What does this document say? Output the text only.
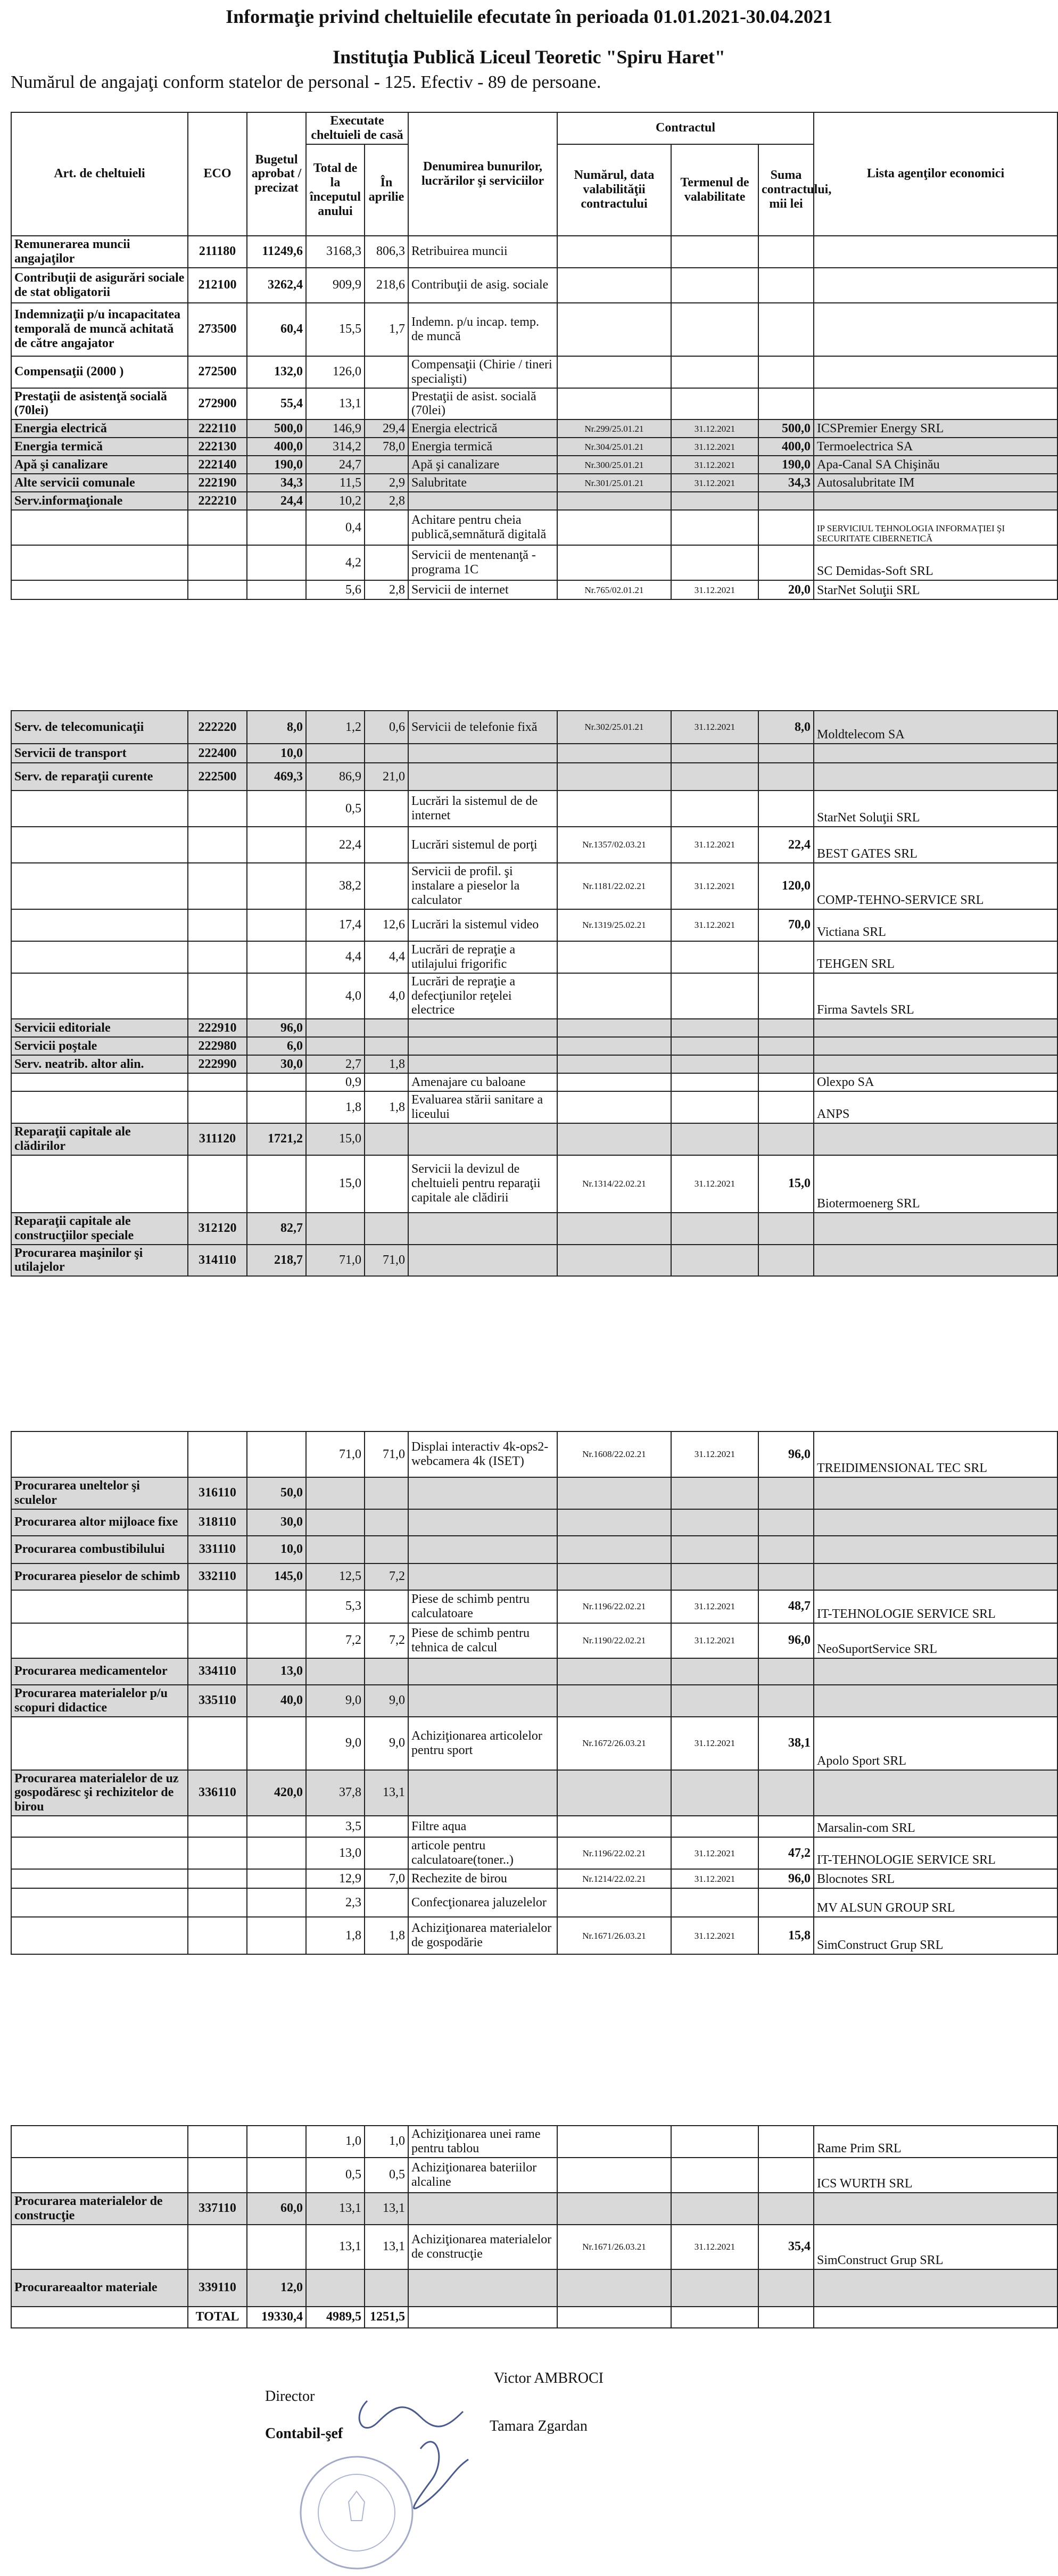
Informaţie privind cheltuielile efecutate în perioada 01.01.2021-30.04.2021
Instituţia Publică Liceul Teoretic "Spiru Haret"
Numărul de angajaţi conform statelor de personal - 125. Efectiv - 89 de persoane.
Art. de cheltuieli	ECO	Bugetul aprobat / precizat	Executate cheltuieli de casă		Denumirea bunurilor, lucrărilor şi serviciilor	Contractul			Lista agenţilor economici
			Total de la începutul anului	În aprilie		Numărul, data valabilităţii contractului	Termenul de valabilitate	Suma contractului, mii lei	

Remunerarea muncii angajaţilor	211180	11249,6	3168,3	806,3	Retribuirea muncii				
Contribuţii de asigurări sociale de stat obligatorii	212100	3262,4	909,9	218,6	Contribuţii de asig. sociale				
Indemnizaţii p/u incapacitatea temporală de muncă achitată de către angajator	273500	60,4	15,5	1,7	Indemn. p/u incap. temp. de muncă				
Compensaţii (2000 )	272500	132,0	126,0		Compensaţii (Chirie / tineri specialişti)				
Prestaţii de asistenţă socială (70lei)	272900	55,4	13,1		Prestaţii de asist. socială (70lei)				
Energia electrică	222110	500,0	146,9	29,4	Energia electrică	Nr.299/25.01.21	31.12.2021	500,0	ICSPremier Energy SRL
Energia termică	222130	400,0	314,2	78,0	Energia termică	Nr.304/25.01.21	31.12.2021	400,0	Termoelectrica SA
Apă şi canalizare	222140	190,0	24,7		Apă şi canalizare	Nr.300/25.01.21	31.12.2021	190,0	Apa-Canal SA Chişinău
Alte servicii comunale	222190	34,3	11,5	2,9	Salubritate	Nr.301/25.01.21	31.12.2021	34,3	Autosalubritate IM
Serv.informaţionale	222210	24,4	10,2	2,8					
			0,4		Achitare pentru cheia publică,semnătură digitală				IP SERVICIUL TEHNOLOGIA INFORMAŢIEI ŞI SECURITATE CIBERNETICĂ
			4,2		Servicii de mentenanţă - programa 1C				SC Demidas-Soft SRL
			5,6	2,8	Servicii de internet	Nr.765/02.01.21	31.12.2021	20,0	StarNet Soluţii SRL
Serv. de telecomunicaţii	222220	8,0	1,2	0,6	Servicii de telefonie fixă	Nr.302/25.01.21	31.12.2021	8,0	Moldtelecom SA
Servicii de transport	222400	10,0							
Serv. de reparaţii curente	222500	469,3	86,9	21,0					
			0,5		Lucrări la sistemul de de internet				StarNet Soluţii SRL
			22,4		Lucrări sistemul de porţi	Nr.1357/02.03.21	31.12.2021	22,4	BEST GATES SRL
			38,2		Servicii de profil. şi instalare a pieselor la calculator	Nr.1181/22.02.21	31.12.2021	120,0	COMP-TEHNO-SERVICE SRL
			17,4	12,6	Lucrări la sistemul video	Nr.1319/25.02.21	31.12.2021	70,0	Victiana SRL
			4,4	4,4	Lucrări de repraţie a utilajului frigorific				TEHGEN SRL
			4,0	4,0	Lucrări de repraţie a defecţiunilor reţelei electrice				Firma Savtels SRL
Servicii editoriale	222910	96,0							
Servicii poştale	222980	6,0							
Serv. neatrib. altor alin.	222990	30,0	2,7	1,8					
			0,9		Amenajare cu baloane				Olexpo SA
			1,8	1,8	Evaluarea stării sanitare a liceului				ANPS
Reparaţii capitale ale clădirilor	311120	1721,2	15,0						
			15,0		Servicii la devizul de cheltuieli pentru reparaţii capitale ale clădirii	Nr.1314/22.02.21	31.12.2021	15,0	Biotermoenerg SRL
Reparaţii capitale ale construcţiilor speciale	312120	82,7							
Procurarea maşinilor şi utilajelor	314110	218,7	71,0	71,0					
			71,0	71,0	Displai interactiv 4k-ops2-webcamera 4k (ISET)	Nr.1608/22.02.21	31.12.2021	96,0	TREIDIMENSIONAL TEC SRL
Procurarea uneltelor şi sculelor	316110	50,0							
Procurarea altor mijloace fixe	318110	30,0							
Procurarea combustibilului	331110	10,0							
Procurarea pieselor de schimb	332110	145,0	12,5	7,2					
			5,3		Piese de schimb pentru calculatoare	Nr.1196/22.02.21	31.12.2021	48,7	IT-TEHNOLOGIE SERVICE SRL
			7,2	7,2	Piese de schimb pentru tehnica de calcul	Nr.1190/22.02.21	31.12.2021	96,0	NeoSuportService SRL
Procurarea medicamentelor	334110	13,0							
Procurarea materialelor p/u scopuri didactice	335110	40,0	9,0	9,0					
			9,0	9,0	Achiziţionarea articolelor pentru sport	Nr.1672/26.03.21	31.12.2021	38,1	Apolo Sport SRL
Procurarea materialelor de uz gospodăresc şi rechizitelor de birou	336110	420,0	37,8	13,1					
			3,5		Filtre aqua				Marsalin-com SRL
			13,0		articole pentru calculatoare(toner..)	Nr.1196/22.02.21	31.12.2021	47,2	IT-TEHNOLOGIE SERVICE SRL
			12,9	7,0	Rechezite de birou	Nr.1214/22.02.21	31.12.2021	96,0	Blocnotes SRL
			2,3		Confecţionarea jaluzelelor				MV ALSUN GROUP SRL
			1,8	1,8	Achiziţionarea materialelor de gospodărie	Nr.1671/26.03.21	31.12.2021	15,8	SimConstruct Grup SRL
			1,0	1,0	Achiziţionarea unei rame pentru tablou				Rame Prim SRL
			0,5	0,5	Achiziţionarea bateriilor alcaline				ICS WURTH SRL
Procurarea materialelor de construcţie	337110	60,0	13,1	13,1					
			13,1	13,1	Achiziţionarea materialelor de construcţie	Nr.1671/26.03.21	31.12.2021	35,4	SimConstruct Grup SRL
Procurareaaltor materiale	339110	12,0							
	TOTAL	19330,4	4989,5	1251,5					
Director
Victor AMBROCI
Contabil-şef	Tamara Zgardan
